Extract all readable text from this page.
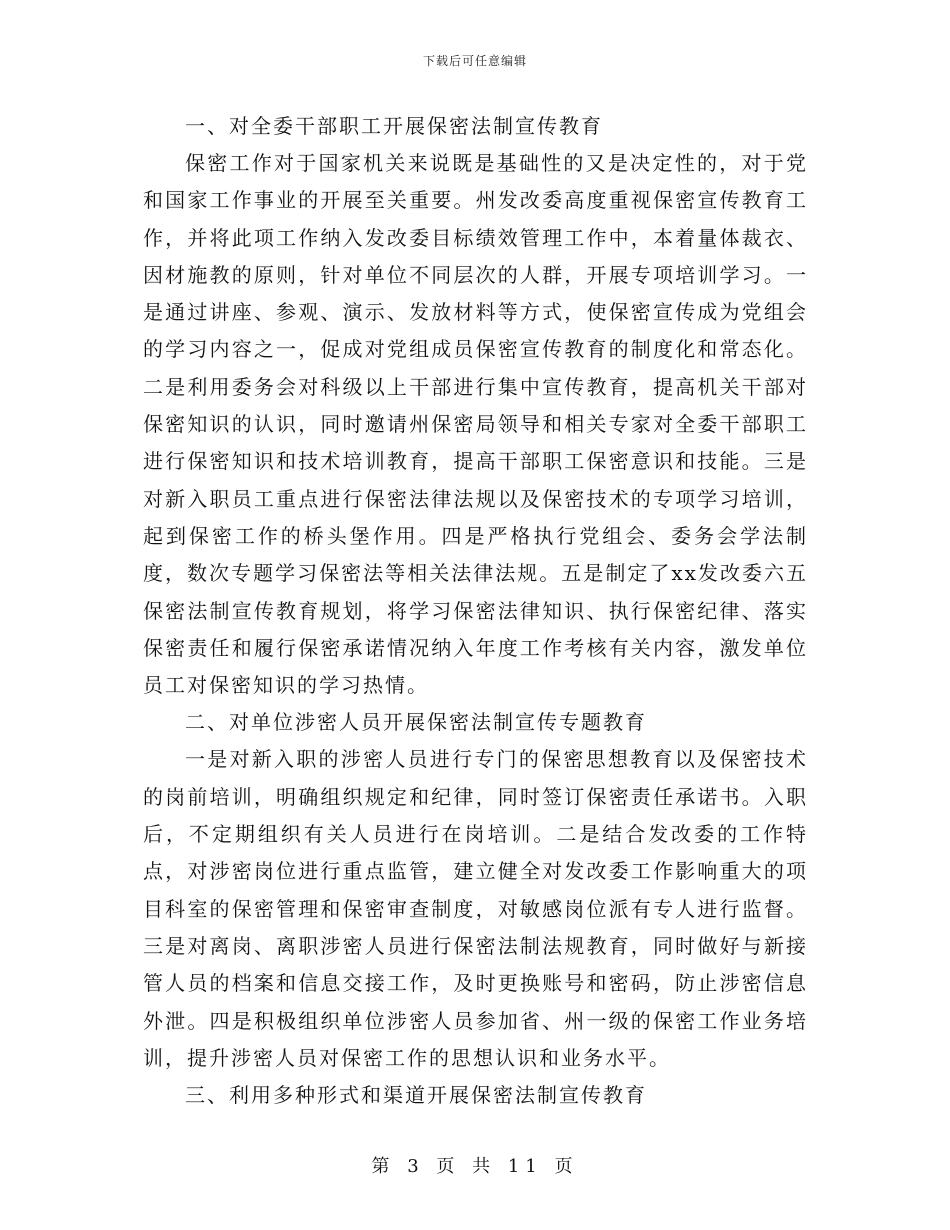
下载后可任意编辑

一、对全委干部职工开展保密法制宣传教育

保密工作对于国家机关来说既是基础性的又是决定性的，对于党和国家工作事业的开展至关重要。州发改委高度重视保密宣传教育工作，并将此项工作纳入发改委目标绩效管理工作中，本着量体裁衣、因材施教的原则，针对单位不同层次的人群，开展专项培训学习。一是通过讲座、参观、演示、发放材料等方式，使保密宣传成为党组会的学习内容之一，促成对党组成员保密宣传教育的制度化和常态化。二是利用委务会对科级以上干部进行集中宣传教育，提高机关干部对保密知识的认识，同时邀请州保密局领导和相关专家对全委干部职工进行保密知识和技术培训教育，提高干部职工保密意识和技能。三是对新入职员工重点进行保密法律法规以及保密技术的专项学习培训，起到保密工作的桥头堡作用。四是严格执行党组会、委务会学法制度，数次专题学习保密法等相关法律法规。五是制定了xx发改委六五保密法制宣传教育规划，将学习保密法律知识、执行保密纪律、落实保密责任和履行保密承诺情况纳入年度工作考核有关内容，激发单位员工对保密知识的学习热情。

二、对单位涉密人员开展保密法制宣传专题教育

一是对新入职的涉密人员进行专门的保密思想教育以及保密技术的岗前培训，明确组织规定和纪律，同时签订保密责任承诺书。入职后，不定期组织有关人员进行在岗培训。二是结合发改委的工作特点，对涉密岗位进行重点监管，建立健全对发改委工作影响重大的项目科室的保密管理和保密审查制度，对敏感岗位派有专人进行监督。三是对离岗、离职涉密人员进行保密法制法规教育，同时做好与新接管人员的档案和信息交接工作，及时更换账号和密码，防止涉密信息外泄。四是积极组织单位涉密人员参加省、州一级的保密工作业务培训，提升涉密人员对保密工作的思想认识和业务水平。

三、利用多种形式和渠道开展保密法制宣传教育

第 3 页 共 11 页
